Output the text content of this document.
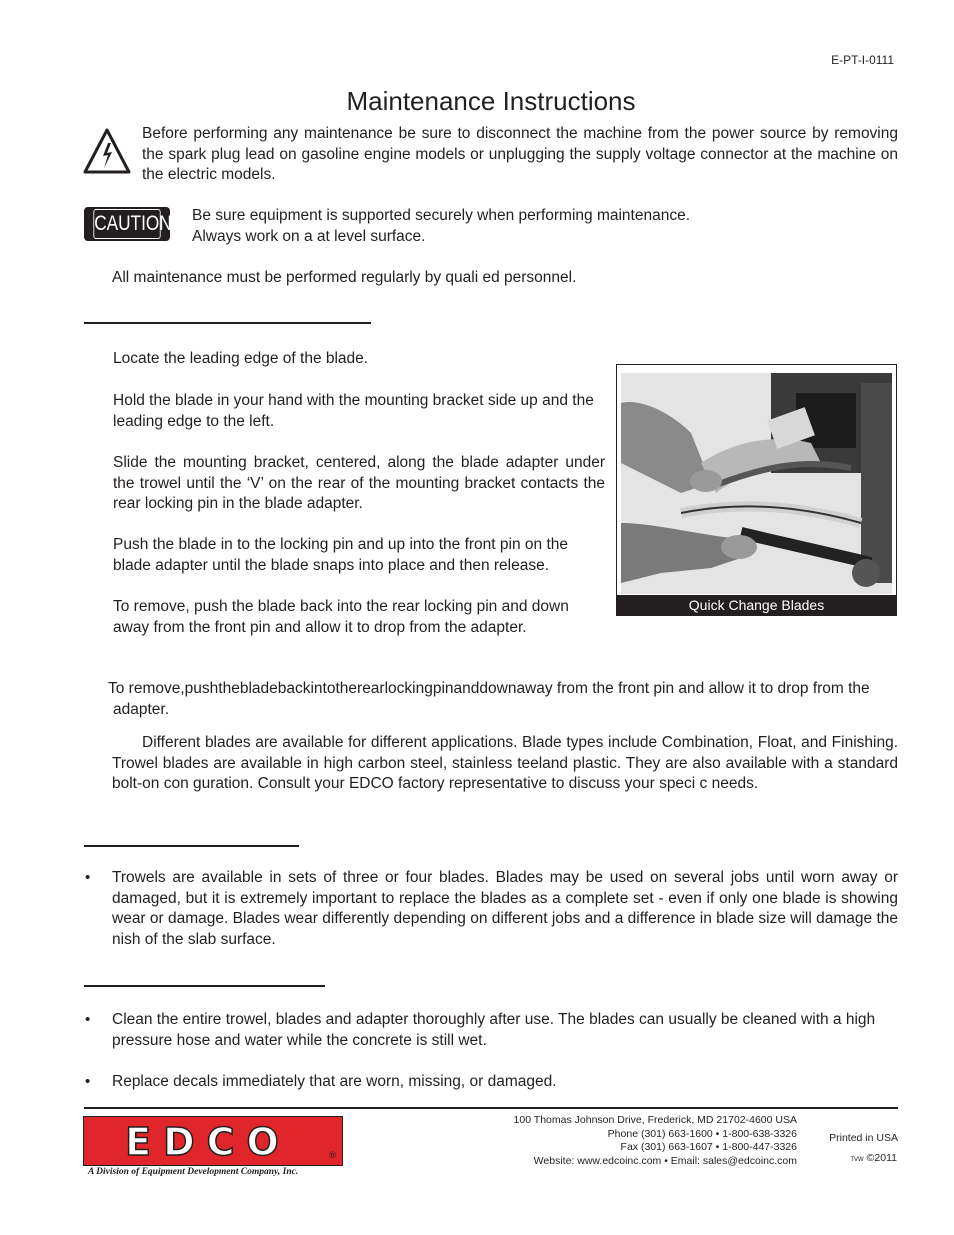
E-PT-I-0111
Maintenance Instructions
Before performing any maintenance be sure to disconnect the machine from the power source by removing the spark plug lead on gasoline engine models or unplugging the supply voltage connector at the machine on the electric models.
CAUTION Be sure equipment is supported securely when performing maintenance.
Always work on a at level surface.
All maintenance must be performed regularly by quali ed personnel.
Locate the leading edge of the blade.
Hold the blade in your hand with the mounting bracket side up and the leading edge to the left.
Slide the mounting bracket, centered, along the blade adapter under the trowel until the ‘V’ on the rear of the mounting bracket contacts the rear locking pin in the blade adapter.
Push the blade in to the locking pin and up into the front pin on the blade adapter until the blade snaps into place and then release.
To remove, push the blade back into the rear locking pin and down away from the front pin and allow it to drop from the adapter.
To remove,pushthebladebackintotherearlockingpinanddownaway from the front pin and allow it to drop from the adapter.
Quick Change Blades
Different blades are available for different applications. Blade types include Combination, Float, and Finishing. Trowel blades are available in high carbon steel, stainless teeland plastic. They are also available with a standard bolt-on con guration. Consult your EDCO factory representative to discuss your speci c needs.
• Trowels are available in sets of three or four blades. Blades may be used on several jobs until worn away or damaged, but it is extremely important to replace the blades as a complete set - even if only one blade is showing wear or damage. Blades wear differently depending on different jobs and a difference in blade size will damage the nish of the slab surface.
• Clean the entire trowel, blades and adapter thoroughly after use. The blades can usually be cleaned with a high pressure hose and water while the concrete is still wet.
• Replace decals immediately that are worn, missing, or damaged.
EDCO	®
A Division of Equipment Development Company, Inc.
100 Thomas Johnson Drive, Frederick, MD 21702-4600 USA
Phone (301) 663-1600 • 1-800-638-3326
Fax (301) 663-1607 • 1-800-447-3326
Website: www.edcoinc.com • Email: sales@edcoinc.com
Printed in USA
TVW ©2011
